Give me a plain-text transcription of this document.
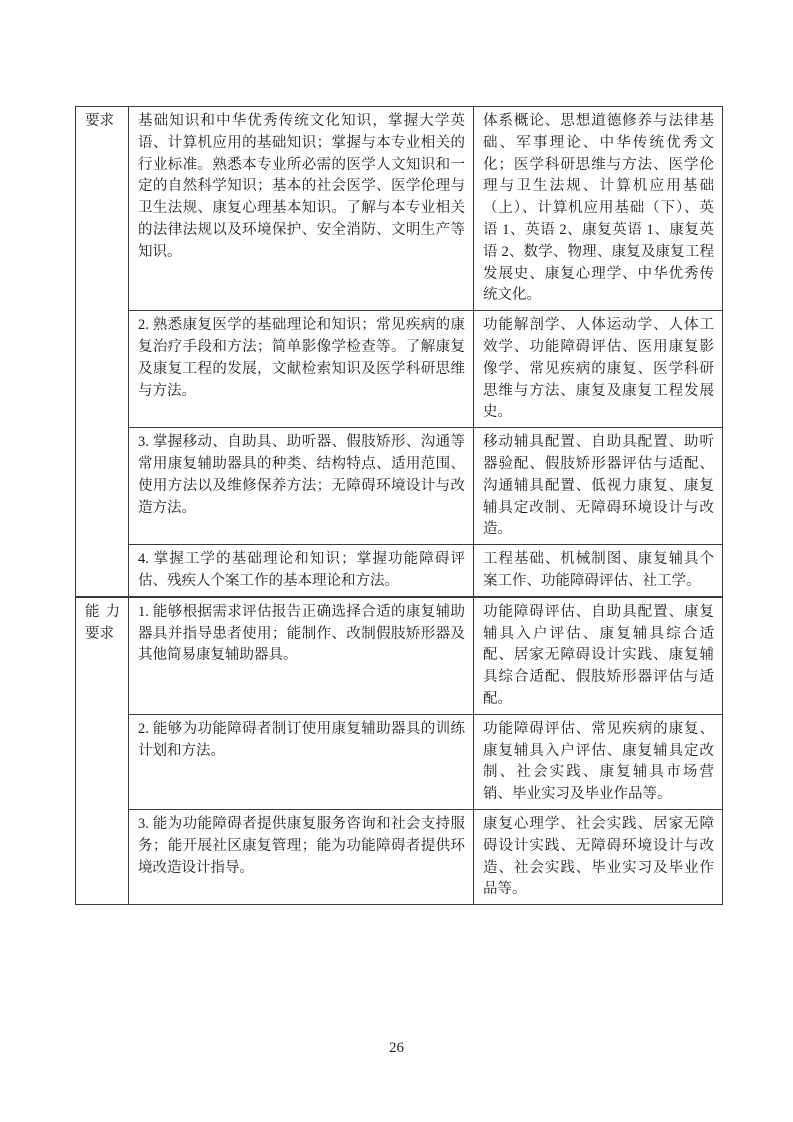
要求	基础知识和中华优秀传统文化知识，掌握大学英语、计算机应用的基础知识；掌握与本专业相关的行业标准。熟悉本专业所必需的医学人文知识和一定的自然科学知识；基本的社会医学、医学伦理与卫生法规、康复心理基本知识。了解与本专业相关的法律法规以及环境保护、安全消防、文明生产等知识。	体系概论、思想道德修养与法律基础、军事理论、中华传统优秀文化；医学科研思维与方法、医学伦理与卫生法规、计算机应用基础（上）、计算机应用基础（下）、英语 1、英语 2、康复英语 1、康复英语 2、数学、物理、康复及康复工程发展史、康复心理学、中华优秀传统文化。
	2. 熟悉康复医学的基础理论和知识；常见疾病的康复治疗手段和方法；简单影像学检查等。了解康复及康复工程的发展，文献检索知识及医学科研思维与方法。	功能解剖学、人体运动学、人体工效学、功能障碍评估、医用康复影像学、常见疾病的康复、医学科研思维与方法、康复及康复工程发展史。
	3. 掌握移动、自助具、助听器、假肢矫形、沟通等常用康复辅助器具的种类、结构特点、适用范围、使用方法以及维修保养方法；无障碍环境设计与改造方法。	移动辅具配置、自助具配置、助听器验配、假肢矫形器评估与适配、沟通辅具配置、低视力康复、康复辅具定改制、无障碍环境设计与改造。
	4. 掌握工学的基础理论和知识；掌握功能障碍评估、残疾人个案工作的基本理论和方法。	工程基础、机械制图、康复辅具个案工作、功能障碍评估、社工学。
能力要求	1. 能够根据需求评估报告正确选择合适的康复辅助器具并指导患者使用；能制作、改制假肢矫形器及其他简易康复辅助器具。	功能障碍评估、自助具配置、康复辅具入户评估、康复辅具综合适配、居家无障碍设计实践、康复辅具综合适配、假肢矫形器评估与适配。
	2. 能够为功能障碍者制订使用康复辅助器具的训练计划和方法。	功能障碍评估、常见疾病的康复、康复辅具入户评估、康复辅具定改制、社会实践、康复辅具市场营销、毕业实习及毕业作品等。
	3. 能为功能障碍者提供康复服务咨询和社会支持服务；能开展社区康复管理；能为功能障碍者提供环境改造设计指导。	康复心理学、社会实践、居家无障碍设计实践、无障碍环境设计与改造、社会实践、毕业实习及毕业作品等。
26
